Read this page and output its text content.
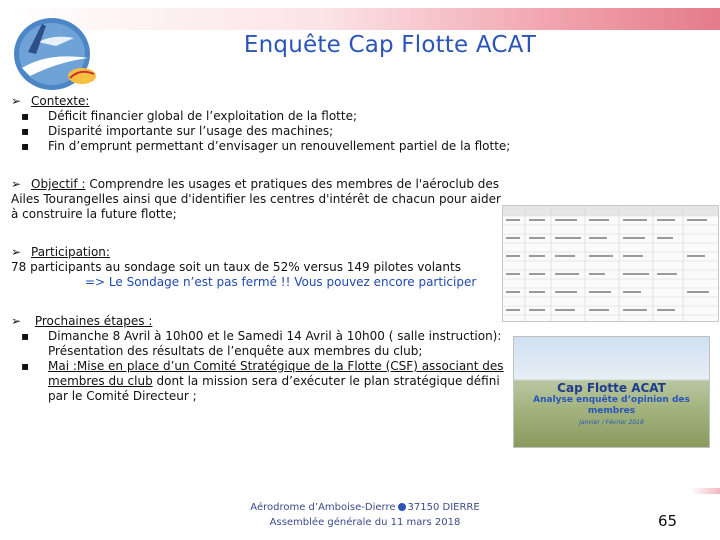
Enquête Cap Flotte ACAT
➢ Contexte:
▪ Déficit financier global de l’exploitation de la flotte;
▪ Disparité importante sur l’usage des machines;
▪ Fin d’emprunt permettant d’envisager un renouvellement partiel de la flotte;
➢ Objectif : Comprendre les usages et pratiques des membres de l'aéroclub des Ailes Tourangelles ainsi que d'identifier les centres d'intérêt de chacun pour aider à construire la future flotte;
➢ Participation:
78 participants au sondage soit un taux de 52% versus 149 pilotes volants
=> Le Sondage n’est pas fermé !! Vous pouvez encore participer
➢ Prochaines étapes :
▪ Dimanche 8 Avril à 10h00 et le Samedi 14 Avril à 10h00 ( salle instruction): Présentation des résultats de l’enquête aux membres du club;
▪ Mai :Mise en place d’un Comité Stratégique de la Flotte (CSF) associant des membres du club dont la mission sera d’exécuter le plan stratégique défini par le Comité Directeur ;
Cap Flotte ACAT
Analyse enquête d’opinion des
membres
Janvier / Février 2018
Aérodrome d’Amboise-Dierre 37150 DIERRE
Assemblée générale du 11 mars 2018	65
